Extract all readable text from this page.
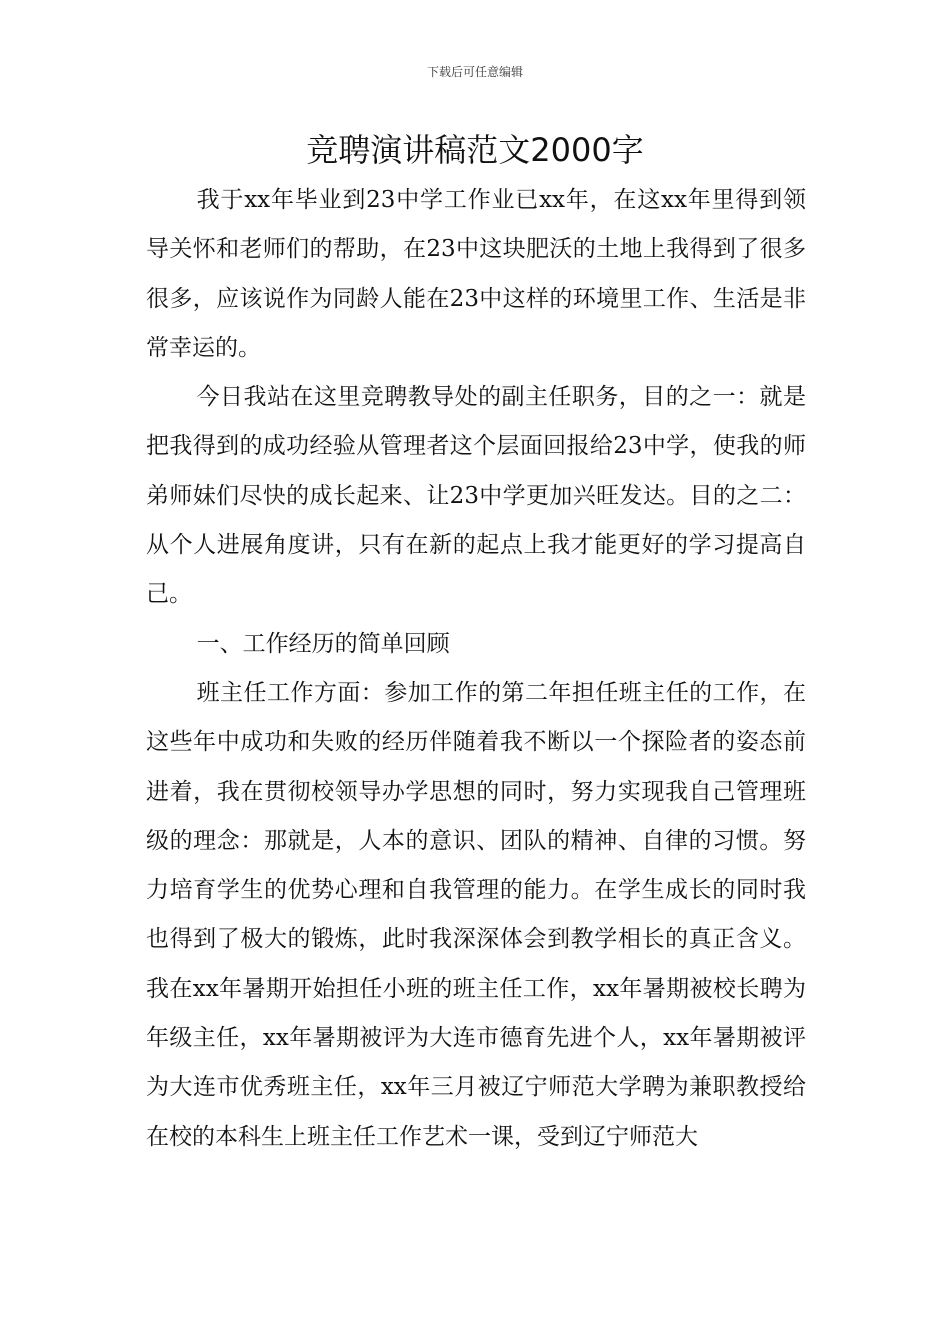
下载后可任意编辑
竞聘演讲稿范文2000字

我于xx年毕业到23中学工作业已xx年，在这xx年里得到领导关怀和老师们的帮助，在23中这块肥沃的土地上我得到了很多很多，应该说作为同龄人能在23中这样的环境里工作、生活是非常幸运的。

今日我站在这里竞聘教导处的副主任职务，目的之一：就是把我得到的成功经验从管理者这个层面回报给23中学，使我的师弟师妹们尽快的成长起来、让23中学更加兴旺发达。目的之二：从个人进展角度讲，只有在新的起点上我才能更好的学习提高自己。

一、工作经历的简单回顾

班主任工作方面：参加工作的第二年担任班主任的工作，在这些年中成功和失败的经历伴随着我不断以一个探险者的姿态前进着，我在贯彻校领导办学思想的同时，努力实现我自己管理班级的理念：那就是，人本的意识、团队的精神、自律的习惯。努力培育学生的优势心理和自我管理的能力。在学生成长的同时我也得到了极大的锻炼，此时我深深体会到教学相长的真正含义。我在xx年暑期开始担任小班的班主任工作，xx年暑期被校长聘为年级主任，xx年暑期被评为大连市德育先进个人，xx年暑期被评为大连市优秀班主任，xx年三月被辽宁师范大学聘为兼职教授给在校的本科生上班主任工作艺术一课，受到辽宁师范大
